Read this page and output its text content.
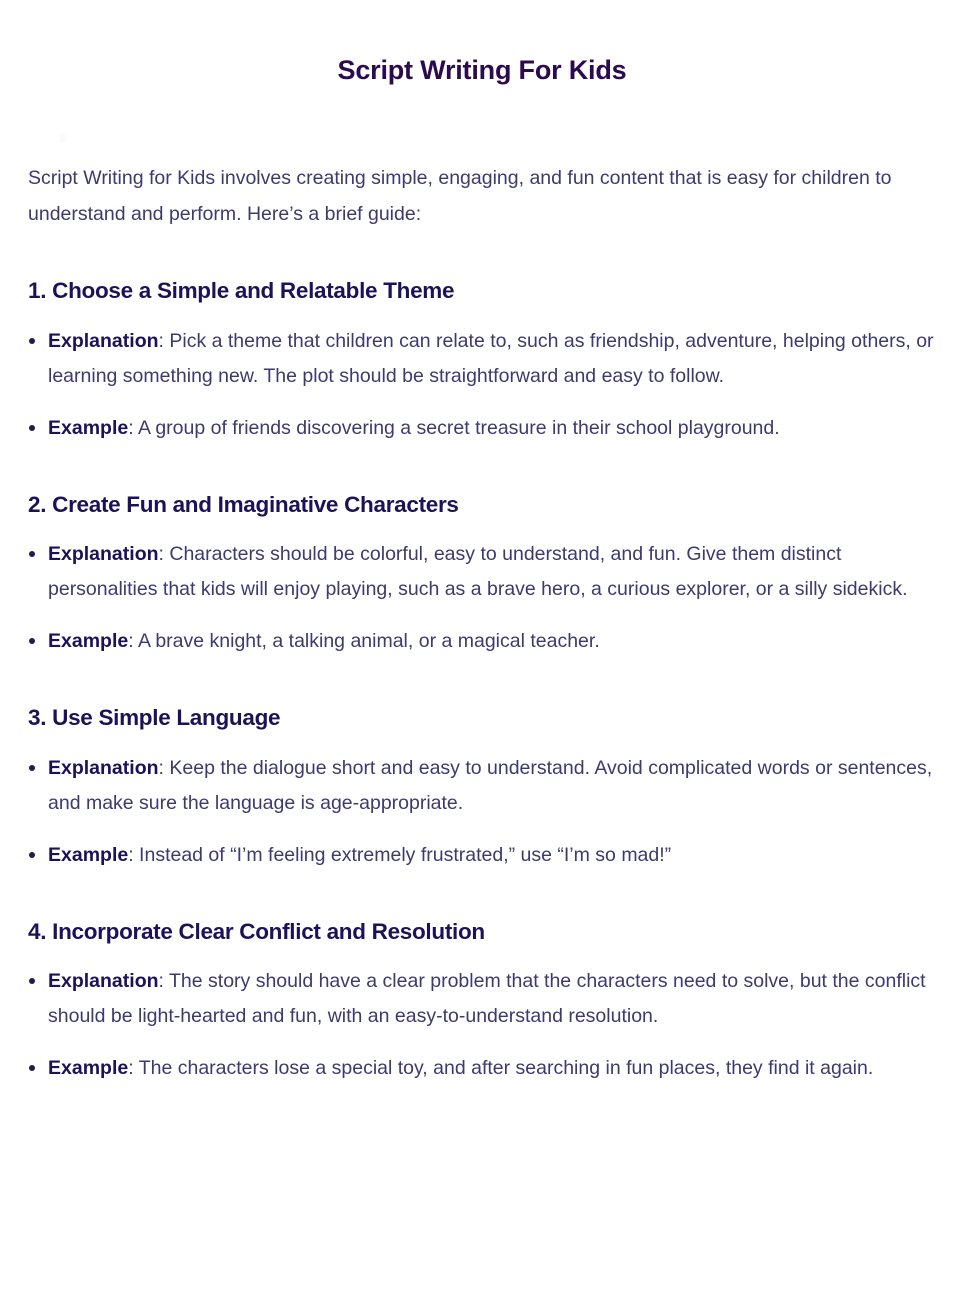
Script Writing For Kids

Script Writing for Kids involves creating simple, engaging, and fun content that is easy for children to understand and perform. Here’s a brief guide:

1. Choose a Simple and Relatable Theme
Explanation: Pick a theme that children can relate to, such as friendship, adventure, helping others, or learning something new. The plot should be straightforward and easy to follow.
Example: A group of friends discovering a secret treasure in their school playground.
2. Create Fun and Imaginative Characters
Explanation: Characters should be colorful, easy to understand, and fun. Give them distinct personalities that kids will enjoy playing, such as a brave hero, a curious explorer, or a silly sidekick.
Example: A brave knight, a talking animal, or a magical teacher.
3. Use Simple Language
Explanation: Keep the dialogue short and easy to understand. Avoid complicated words or sentences, and make sure the language is age-appropriate.
Example: Instead of “I’m feeling extremely frustrated,” use “I’m so mad!”
4. Incorporate Clear Conflict and Resolution
Explanation: The story should have a clear problem that the characters need to solve, but the conflict should be light-hearted and fun, with an easy-to-understand resolution.
Example: The characters lose a special toy, and after searching in fun places, they find it again.
